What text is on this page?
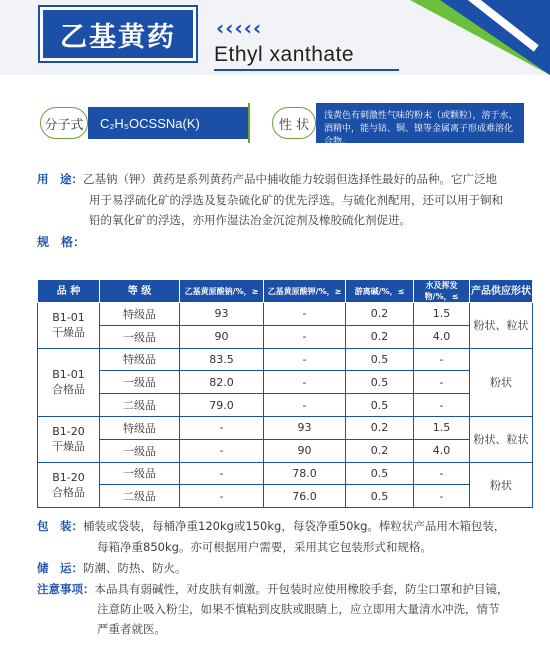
乙基黄药 ‹ ‹ ‹ ‹ ‹
Ethyl xanthate
分子式	C₂H₅OCSSNa(K)	性 状
浅黄色有刺激性气味的粉末（或颗粒），溶于水、酒精中，能与钴、铜、镍等金属离子形成难溶化合物。
用　途：乙基钠（钾）黄药是系列黄药产品中捕收能力较弱但选择性最好的品种。它广泛地
用于易浮硫化矿的浮选及复杂硫化矿的优先浮选。与硫化剂配用，还可以用于铜和
铅的氧化矿的浮选，亦用作湿法冶金沉淀剂及橡胶硫化剂促进。
规　格：
品 种	等 级	乙基黄原酸钠/%，≥	乙基黄原酸钾/%，≥	游离碱/%，≤	水及挥发物/%，≤	产品供应形状
B1-01
干燥品	特级品	93	-	0.2	1.5	粉状、粒状
	一级品	90	-	0.2	4.0	
B1-01
合格品	特级品	83.5	-	0.5	-	粉状
	一级品	82.0	-	0.5	-	
	二级品	79.0	-	0.5	-	
B1-20
干燥品	特级品	-	93	0.2	1.5	粉状、粒状
	一级品	-	90	0.2	4.0	
B1-20
合格品	一级品	-	78.0	0.5	-	粉状
	二级品	-	76.0	0.5	-	
包　装：桶装或袋装，每桶净重120kg或150kg，每袋净重50kg。棒粒状产品用木箱包装，
每箱净重850kg。亦可根据用户需要，采用其它包装形式和规格。
储　运：防潮、防热、防火。
注意事项：本品具有弱碱性，对皮肤有刺激。开包装时应使用橡胶手套，防尘口罩和护目镜，
注意防止吸入粉尘，如果不慎粘到皮肤或眼睛上，应立即用大量清水冲洗，情节
严重者就医。
